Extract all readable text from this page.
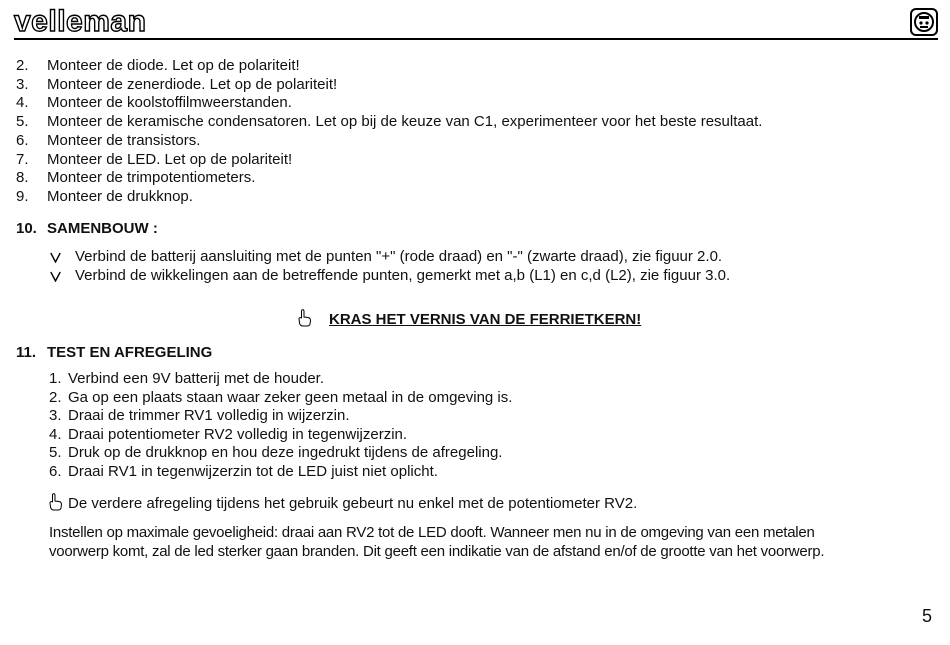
velleman
2. Monteer de diode. Let op de polariteit!

3. Monteer de zenerdiode. Let op de polariteit!

4. Monteer de koolstoffilmweerstanden.

5. Monteer de keramische condensatoren. Let op bij de keuze van C1, experimenteer voor het beste resultaat.

6. Monteer de transistors.

7. Monteer de LED. Let op de polariteit!

8. Monteer de trimpotentiometers.

9. Monteer de drukknop.

10. SAMENBOUW :
Verbind de batterij aansluiting met de punten "+" (rode draad) en "-" (zwarte draad), zie figuur 2.0.
Verbind de wikkelingen aan de betreffende punten, gemerkt met a,b (L1) en c,d (L2), zie figuur 3.0.
KRAS HET VERNIS VAN DE FERRIETKERN!
11. TEST EN AFREGELING
1. Verbind een 9V batterij met de houder.

2. Ga op een plaats staan waar zeker geen metaal in de omgeving is.

3. Draai de trimmer RV1 volledig in wijzerzin.

4. Draai potentiometer RV2 volledig in tegenwijzerzin.

5. Druk op de drukknop en hou deze ingedrukt tijdens de afregeling.

6. Draai RV1 in tegenwijzerzin tot de LED juist niet oplicht.

De verdere afregeling tijdens het gebruik gebeurt nu enkel met de potentiometer RV2.
Instellen op maximale gevoeligheid: draai aan RV2 tot de LED dooft. Wanneer men nu in de omgeving van een metalen
voorwerp komt, zal de led sterker gaan branden. Dit geeft een indikatie van de afstand en/of de grootte van het voorwerp.
5
